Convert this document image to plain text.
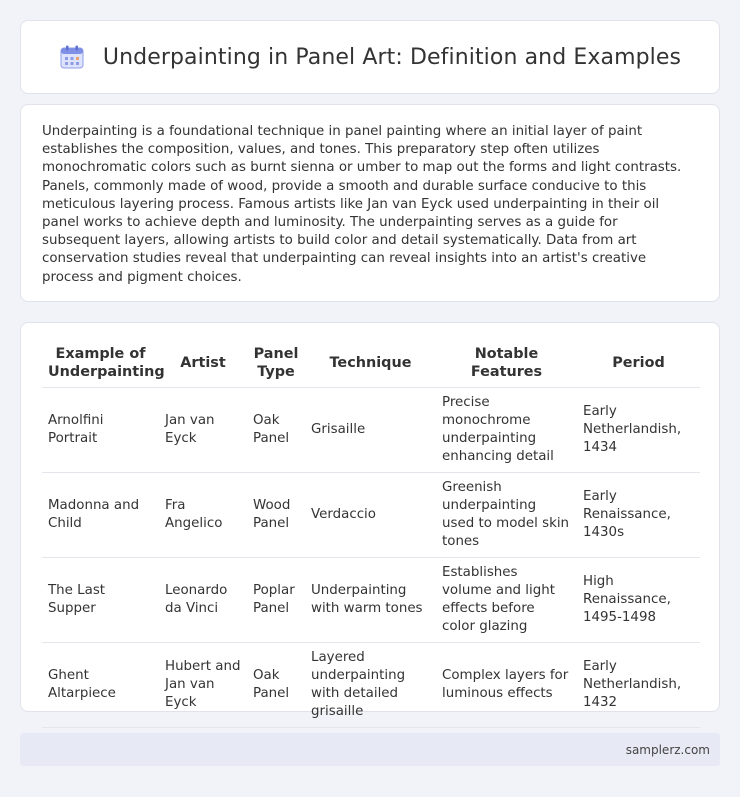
Underpainting in Panel Art: Definition and Examples

Underpainting is a foundational technique in panel painting where an initial layer of paint establishes the composition, values, and tones. This preparatory step often utilizes monochromatic colors such as burnt sienna or umber to map out the forms and light contrasts. Panels, commonly made of wood, provide a smooth and durable surface conducive to this meticulous layering process. Famous artists like Jan van Eyck used underpainting in their oil panel works to achieve depth and luminosity. The underpainting serves as a guide for subsequent layers, allowing artists to build color and detail systematically. Data from art conservation studies reveal that underpainting can reveal insights into an artist's creative process and pigment choices.

Example of Underpainting	Artist	Panel Type	Technique	Notable Features	Period
Arnolfini Portrait	Jan van Eyck	Oak Panel	Grisaille	Precise monochrome underpainting enhancing detail	Early Netherlandish, 1434
Madonna and Child	Fra Angelico	Wood Panel	Verdaccio	Greenish underpainting used to model skin tones	Early Renaissance, 1430s
The Last Supper	Leonardo da Vinci	Poplar Panel	Underpainting with warm tones	Establishes volume and light effects before color glazing	High Renaissance, 1495-1498
Ghent Altarpiece	Hubert and Jan van Eyck	Oak Panel	Layered underpainting with detailed grisaille	Complex layers for luminous effects	Early Netherlandish, 1432
samplerz.com
